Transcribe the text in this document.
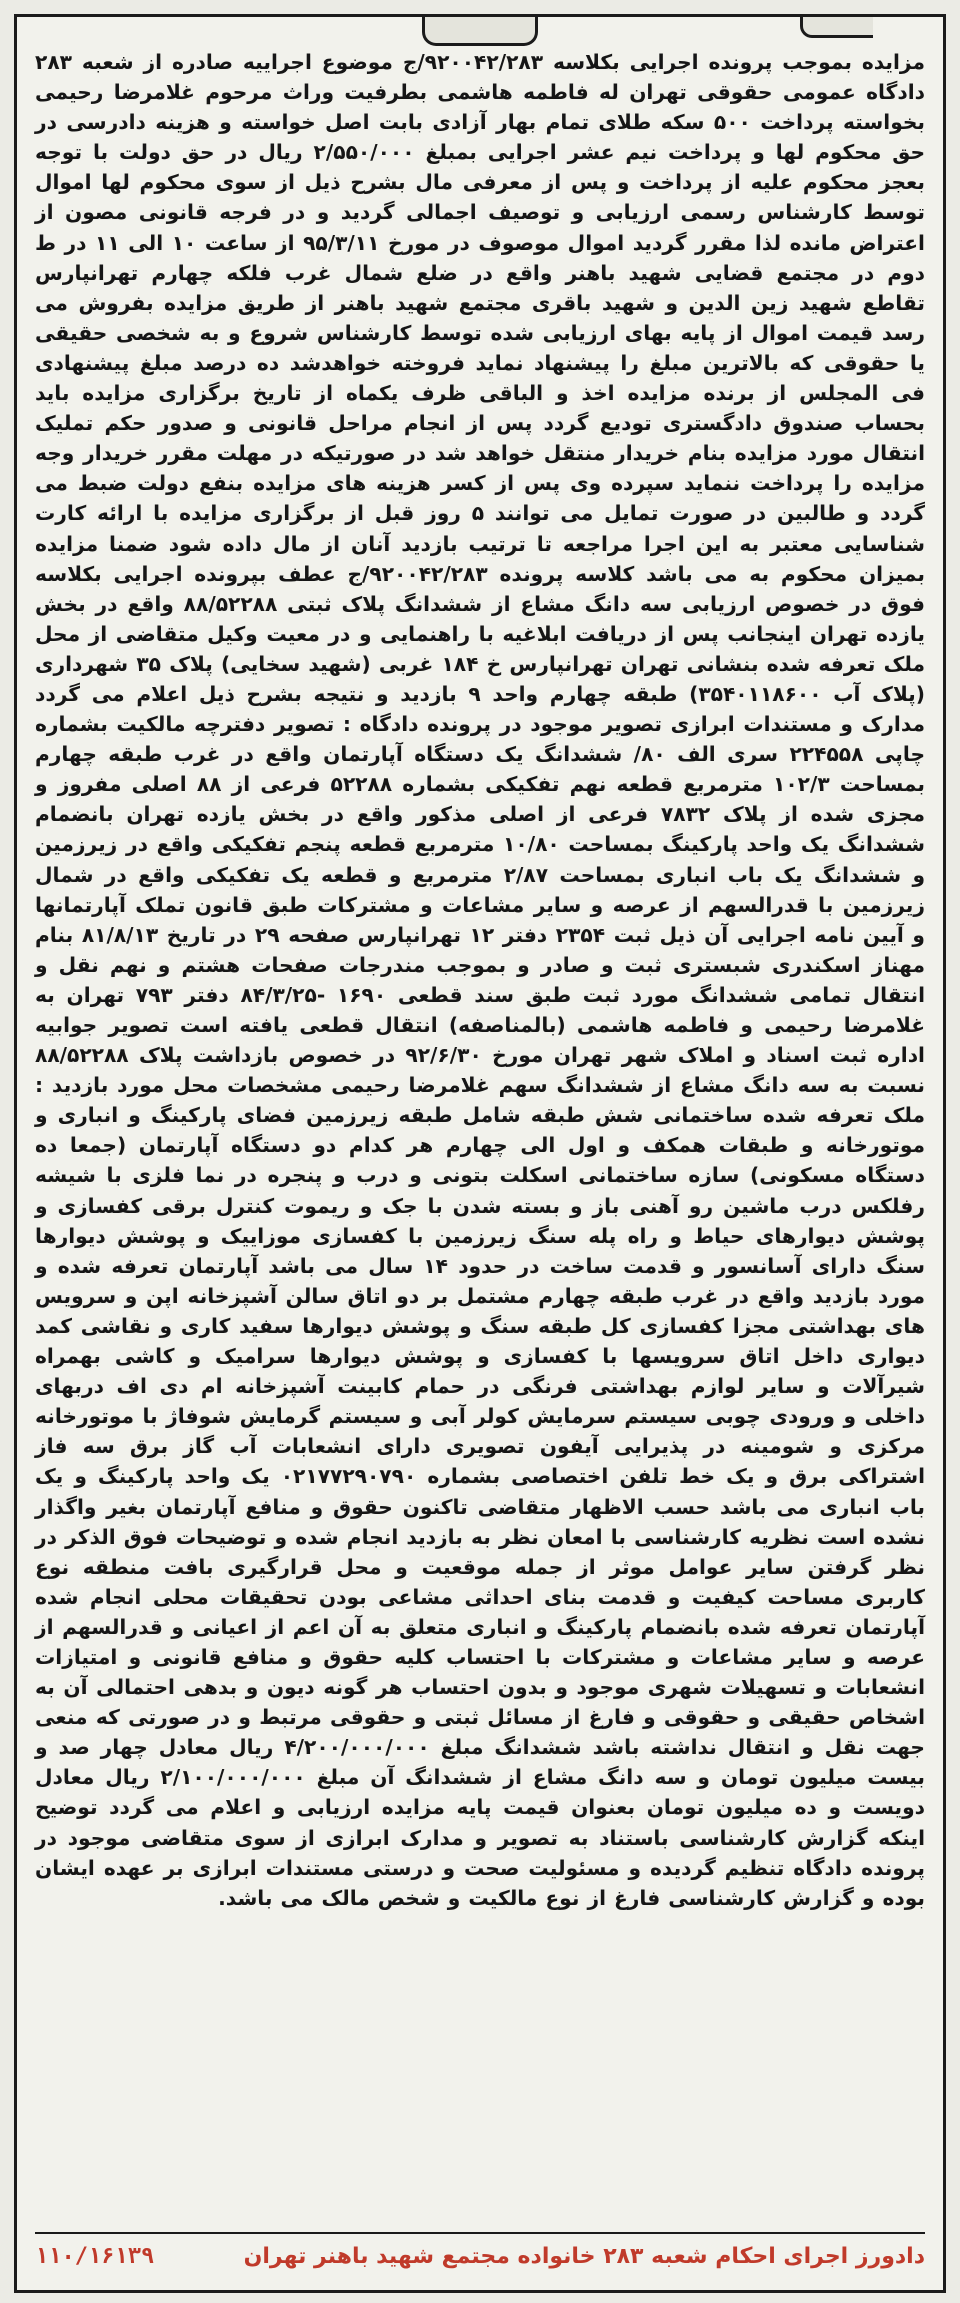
مزایده بموجب پرونده اجرایی بکلاسه ۹۲۰۰۴۲/۲۸۳/ج موضوع اجراییه صادره از شعبه ۲۸۳ دادگاه عمومی حقوقی تهران له فاطمه هاشمی بطرفیت وراث مرحوم غلامرضا رحیمی بخواسته پرداخت ۵۰۰ سکه طلای تمام بهار آزادی بابت اصل خواسته و هزینه دادرسی در حق محکوم لها و پرداخت نیم عشر اجرایی بمبلغ ۲/۵۵۰/۰۰۰ ریال در حق دولت با توجه بعجز محکوم علیه از پرداخت و پس از معرفی مال بشرح ذیل از سوی محکوم لها اموال توسط کارشناس رسمی ارزیابی و توصیف اجمالی گردید و در فرجه قانونی مصون از اعتراض مانده لذا مقرر گردید اموال موصوف در مورخ ۹۵/۳/۱۱ از ساعت ۱۰ الی ۱۱ در ط دوم در مجتمع قضایی شهید باهنر واقع در ضلع شمال غرب فلکه چهارم تهرانپارس تقاطع شهید زین الدین و شهید باقری مجتمع شهید باهنر از طریق مزایده بفروش می رسد قیمت اموال از پایه بهای ارزیابی شده توسط کارشناس شروع و به شخصی حقیقی یا حقوقی که بالاترین مبلغ را پیشنهاد نماید فروخته خواهدشد ده درصد مبلغ پیشنهادی فی المجلس از برنده مزایده اخذ و الباقی ظرف یکماه از تاریخ برگزاری مزایده باید بحساب صندوق دادگستری تودیع گردد پس از انجام مراحل قانونی و صدور حکم تملیک انتقال مورد مزایده بنام خریدار منتقل خواهد شد در صورتیکه در مهلت مقرر خریدار وجه مزایده را پرداخت ننماید سپرده وی پس از کسر هزینه های مزایده بنفع دولت ضبط می گردد و طالبین در صورت تمایل می توانند ۵ روز قبل از برگزاری مزایده با ارائه کارت شناسایی معتبر به این اجرا مراجعه تا ترتیب بازدید آنان از مال داده شود ضمنا مزایده بمیزان محکوم به می باشد کلاسه پرونده ۹۲۰۰۴۲/۲۸۳/ج عطف بپرونده اجرایی بکلاسه فوق در خصوص ارزیابی سه دانگ مشاع از ششدانگ پلاک ثبتی ۸۸/۵۲۲۸۸ واقع در بخش یازده تهران اینجانب پس از دریافت ابلاغیه با راهنمایی و در معیت وکیل متقاضی از محل ملک تعرفه شده بنشانی تهران تهرانپارس خ ۱۸۴ غربی (شهید سخایی) پلاک ۳۵ شهرداری (پلاک آب ۳۵۴۰۱۱۸۶۰۰) طبقه چهارم واحد ۹ بازدید و نتیجه بشرح ذیل اعلام می گردد مدارک و مستندات ابرازی تصویر موجود در پرونده دادگاه : تصویر دفترچه مالکیت بشماره چاپی ۲۲۴۵۵۸ سری الف ۸۰/ ششدانگ یک دستگاه آپارتمان واقع در غرب طبقه چهارم بمساحت ۱۰۲/۳ مترمربع قطعه نهم تفکیکی بشماره ۵۲۲۸۸ فرعی از ۸۸ اصلی مفروز و مجزی شده از پلاک ۷۸۳۲ فرعی از اصلی مذکور واقع در بخش یازده تهران بانضمام ششدانگ یک واحد پارکینگ بمساحت ۱۰/۸۰ مترمربع قطعه پنجم تفکیکی واقع در زیرزمین و ششدانگ یک باب انباری بمساحت ۲/۸۷ مترمربع و قطعه یک تفکیکی واقع در شمال زیرزمین با قدرالسهم از عرصه و سایر مشاعات و مشترکات طبق قانون تملک آپارتمانها و آیین نامه اجرایی آن ذیل ثبت ۲۳۵۴ دفتر ۱۲ تهرانپارس صفحه ۲۹ در تاریخ ۸۱/۸/۱۳ بنام مهناز اسکندری شبستری ثبت و صادر و بموجب مندرجات صفحات هشتم و نهم نقل و انتقال تمامی ششدانگ مورد ثبت طبق سند قطعی ۱۶۹۰ -۸۴/۳/۲۵ دفتر ۷۹۳ تهران به غلامرضا رحیمی و فاطمه هاشمی (بالمناصفه) انتقال قطعی یافته است تصویر جوابیه اداره ثبت اسناد و املاک شهر تهران مورخ ۹۲/۶/۳۰ در خصوص بازداشت پلاک ۸۸/۵۲۲۸۸ نسبت به سه دانگ مشاع از ششدانگ سهم غلامرضا رحیمی مشخصات محل مورد بازدید : ملک تعرفه شده ساختمانی شش طبقه شامل طبقه زیرزمین فضای پارکینگ و انباری و موتورخانه و طبقات همکف و اول الی چهارم هر کدام دو دستگاه آپارتمان (جمعا ده دستگاه مسکونی) سازه ساختمانی اسکلت بتونی و درب و پنجره در نما فلزی با شیشه رفلکس درب ماشین رو آهنی باز و بسته شدن با جک و ریموت کنترل برقی کفسازی و پوشش دیوارهای حیاط و راه پله سنگ زیرزمین با کفسازی موزاییک و پوشش دیوارها سنگ دارای آسانسور و قدمت ساخت در حدود ۱۴ سال می باشد آپارتمان تعرفه شده و مورد بازدید واقع در غرب طبقه چهارم مشتمل بر دو اتاق سالن آشپزخانه اپن و سرویس های بهداشتی مجزا کفسازی کل طبقه سنگ و پوشش دیوارها سفید کاری و نقاشی کمد دیواری داخل اتاق سرویسها با کفسازی و پوشش دیوارها سرامیک و کاشی بهمراه شیرآلات و سایر لوازم بهداشتی فرنگی در حمام کابینت آشپزخانه ام دی اف دربهای داخلی و ورودی چوبی سیستم سرمایش کولر آبی و سیستم گرمایش شوفاژ با موتورخانه مرکزی و شومینه در پذیرایی آیفون تصویری دارای انشعابات آب گاز برق سه فاز اشتراکی برق و یک خط تلفن اختصاصی بشماره ۰۲۱۷۷۲۹۰۷۹۰ یک واحد پارکینگ و یک باب انباری می باشد حسب الاظهار متقاضی تاکنون حقوق و منافع آپارتمان بغیر واگذار نشده است نظریه کارشناسی با امعان نظر به بازدید انجام شده و توضیحات فوق الذکر در نظر گرفتن سایر عوامل موثر از جمله موقعیت و محل قرارگیری بافت منطقه نوع کاربری مساحت کیفیت و قدمت بنای احداثی مشاعی بودن تحقیقات محلی انجام شده آپارتمان تعرفه شده بانضمام پارکینگ و انباری متعلق به آن اعم از اعیانی و قدرالسهم از عرصه و سایر مشاعات و مشترکات با احتساب کلیه حقوق و منافع قانونی و امتیازات انشعابات و تسهیلات شهری موجود و بدون احتساب هر گونه دیون و بدهی احتمالی آن به اشخاص حقیقی و حقوقی و فارغ از مسائل ثبتی و حقوقی مرتبط و در صورتی که منعی جهت نقل و انتقال نداشته باشد ششدانگ مبلغ ۴/۲۰۰/۰۰۰/۰۰۰ ریال معادل چهار صد و بیست میلیون تومان و سه دانگ مشاع از ششدانگ آن مبلغ ۲/۱۰۰/۰۰۰/۰۰۰ ریال معادل دویست و ده میلیون تومان بعنوان قیمت پایه مزایده ارزیابی و اعلام می گردد توضیح اینکه گزارش کارشناسی باستناد به تصویر و مدارک ابرازی از سوی متقاضی موجود در پرونده دادگاه تنظیم گردیده و مسئولیت صحت و درستی مستندات ابرازی بر عهده ایشان بوده و گزارش کارشناسی فارغ از نوع مالکیت و شخص مالک می باشد.
دادورز اجرای احکام شعبه ۲۸۳ خانواده مجتمع شهید باهنر تهران
۱۱۰/۱۶۱۳۹
